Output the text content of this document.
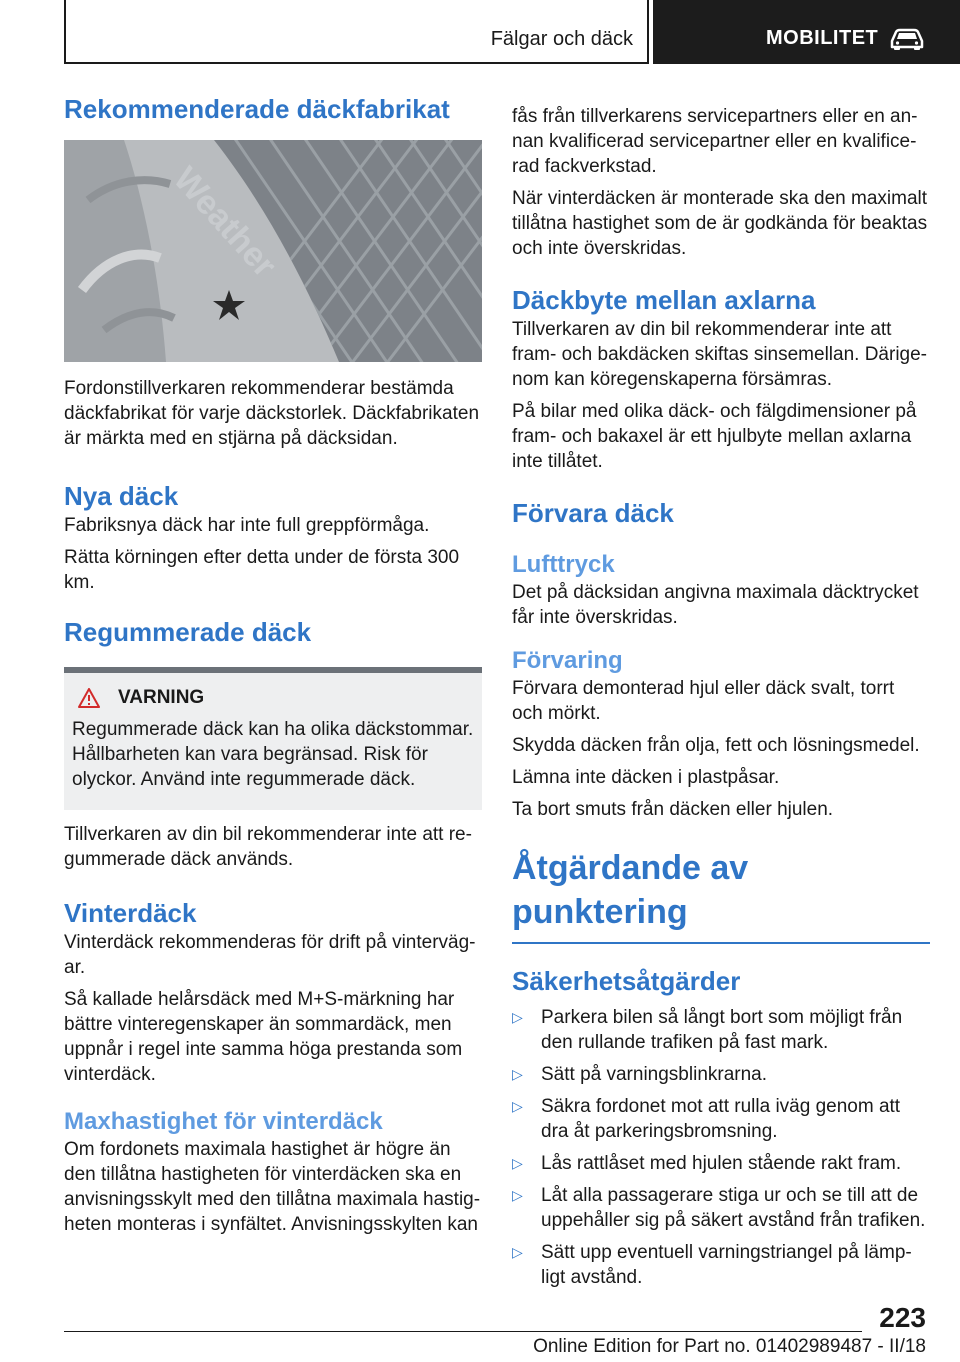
Fälgar och däck	MOBILITET
Rekommenderade däckfabrikat
Weather

Fordonstillverkaren rekommenderar bestämda däckfabrikat för varje däckstorlek. Däckfabrikaten är märkta med en stjärna på däcksidan.

Nya däck

Fabriksnya däck har inte full greppförmåga.

Rätta körningen efter detta under de första 300 km.

Regummerade däck
VARNING

Regummerade däck kan ha olika däckstommar. Hållbarheten kan vara begränsad. Risk för olyckor. Använd inte regummerade däck.

Tillverkaren av din bil rekommenderar inte att re-gummerade däck används.

Vinterdäck

Vinterdäck rekommenderas för drift på vinterväg-ar.

Så kallade helårsdäck med M+S-märkning har bättre vinteregenskaper än sommardäck, men uppnår i regel inte samma höga prestanda som vinterdäck.

Maxhastighet för vinterdäck

Om fordonets maximala hastighet är högre än den tillåtna hastigheten för vinterdäcken ska en anvisningsskylt med den tillåtna maximala hastig-heten monteras i synfältet. Anvisningsskylten kan

fås från tillverkarens servicepartners eller en an-nan kvalificerad servicepartner eller en kvalifice-rad fackverkstad.

När vinterdäcken är monterade ska den maximalt tillåtna hastighet som de är godkända för beaktas och inte överskridas.

Däckbyte mellan axlarna

Tillverkaren av din bil rekommenderar inte att fram- och bakdäcken skiftas sinsemellan. Därige-nom kan köregenskaperna försämras.

På bilar med olika däck- och fälgdimensioner på fram- och bakaxel är ett hjulbyte mellan axlarna inte tillåtet.

Förvara däck
Lufttryck

Det på däcksidan angivna maximala däcktrycket får inte överskridas.

Förvaring

Förvara demonterad hjul eller däck svalt, torrt och mörkt.

Skydda däcken från olja, fett och lösningsmedel.

Lämna inte däcken i plastpåsar.

Ta bort smuts från däcken eller hjulen.

Åtgärdande av punktering
Säkerhetsåtgärder
▷ Parkera bilen så långt bort som möjligt från den rullande trafiken på fast mark.
▷ Sätt på varningsblinkrarna.
▷ Säkra fordonet mot att rulla iväg genom att dra åt parkeringsbromsning.
▷ Lås rattlåset med hjulen stående rakt fram.
▷ Låt alla passagerare stiga ur och se till att de uppehåller sig på säkert avstånd från trafiken.
▷ Sätt upp eventuell varningstriangel på lämp-ligt avstånd.
223
Online Edition for Part no. 01402989487 - II/18
